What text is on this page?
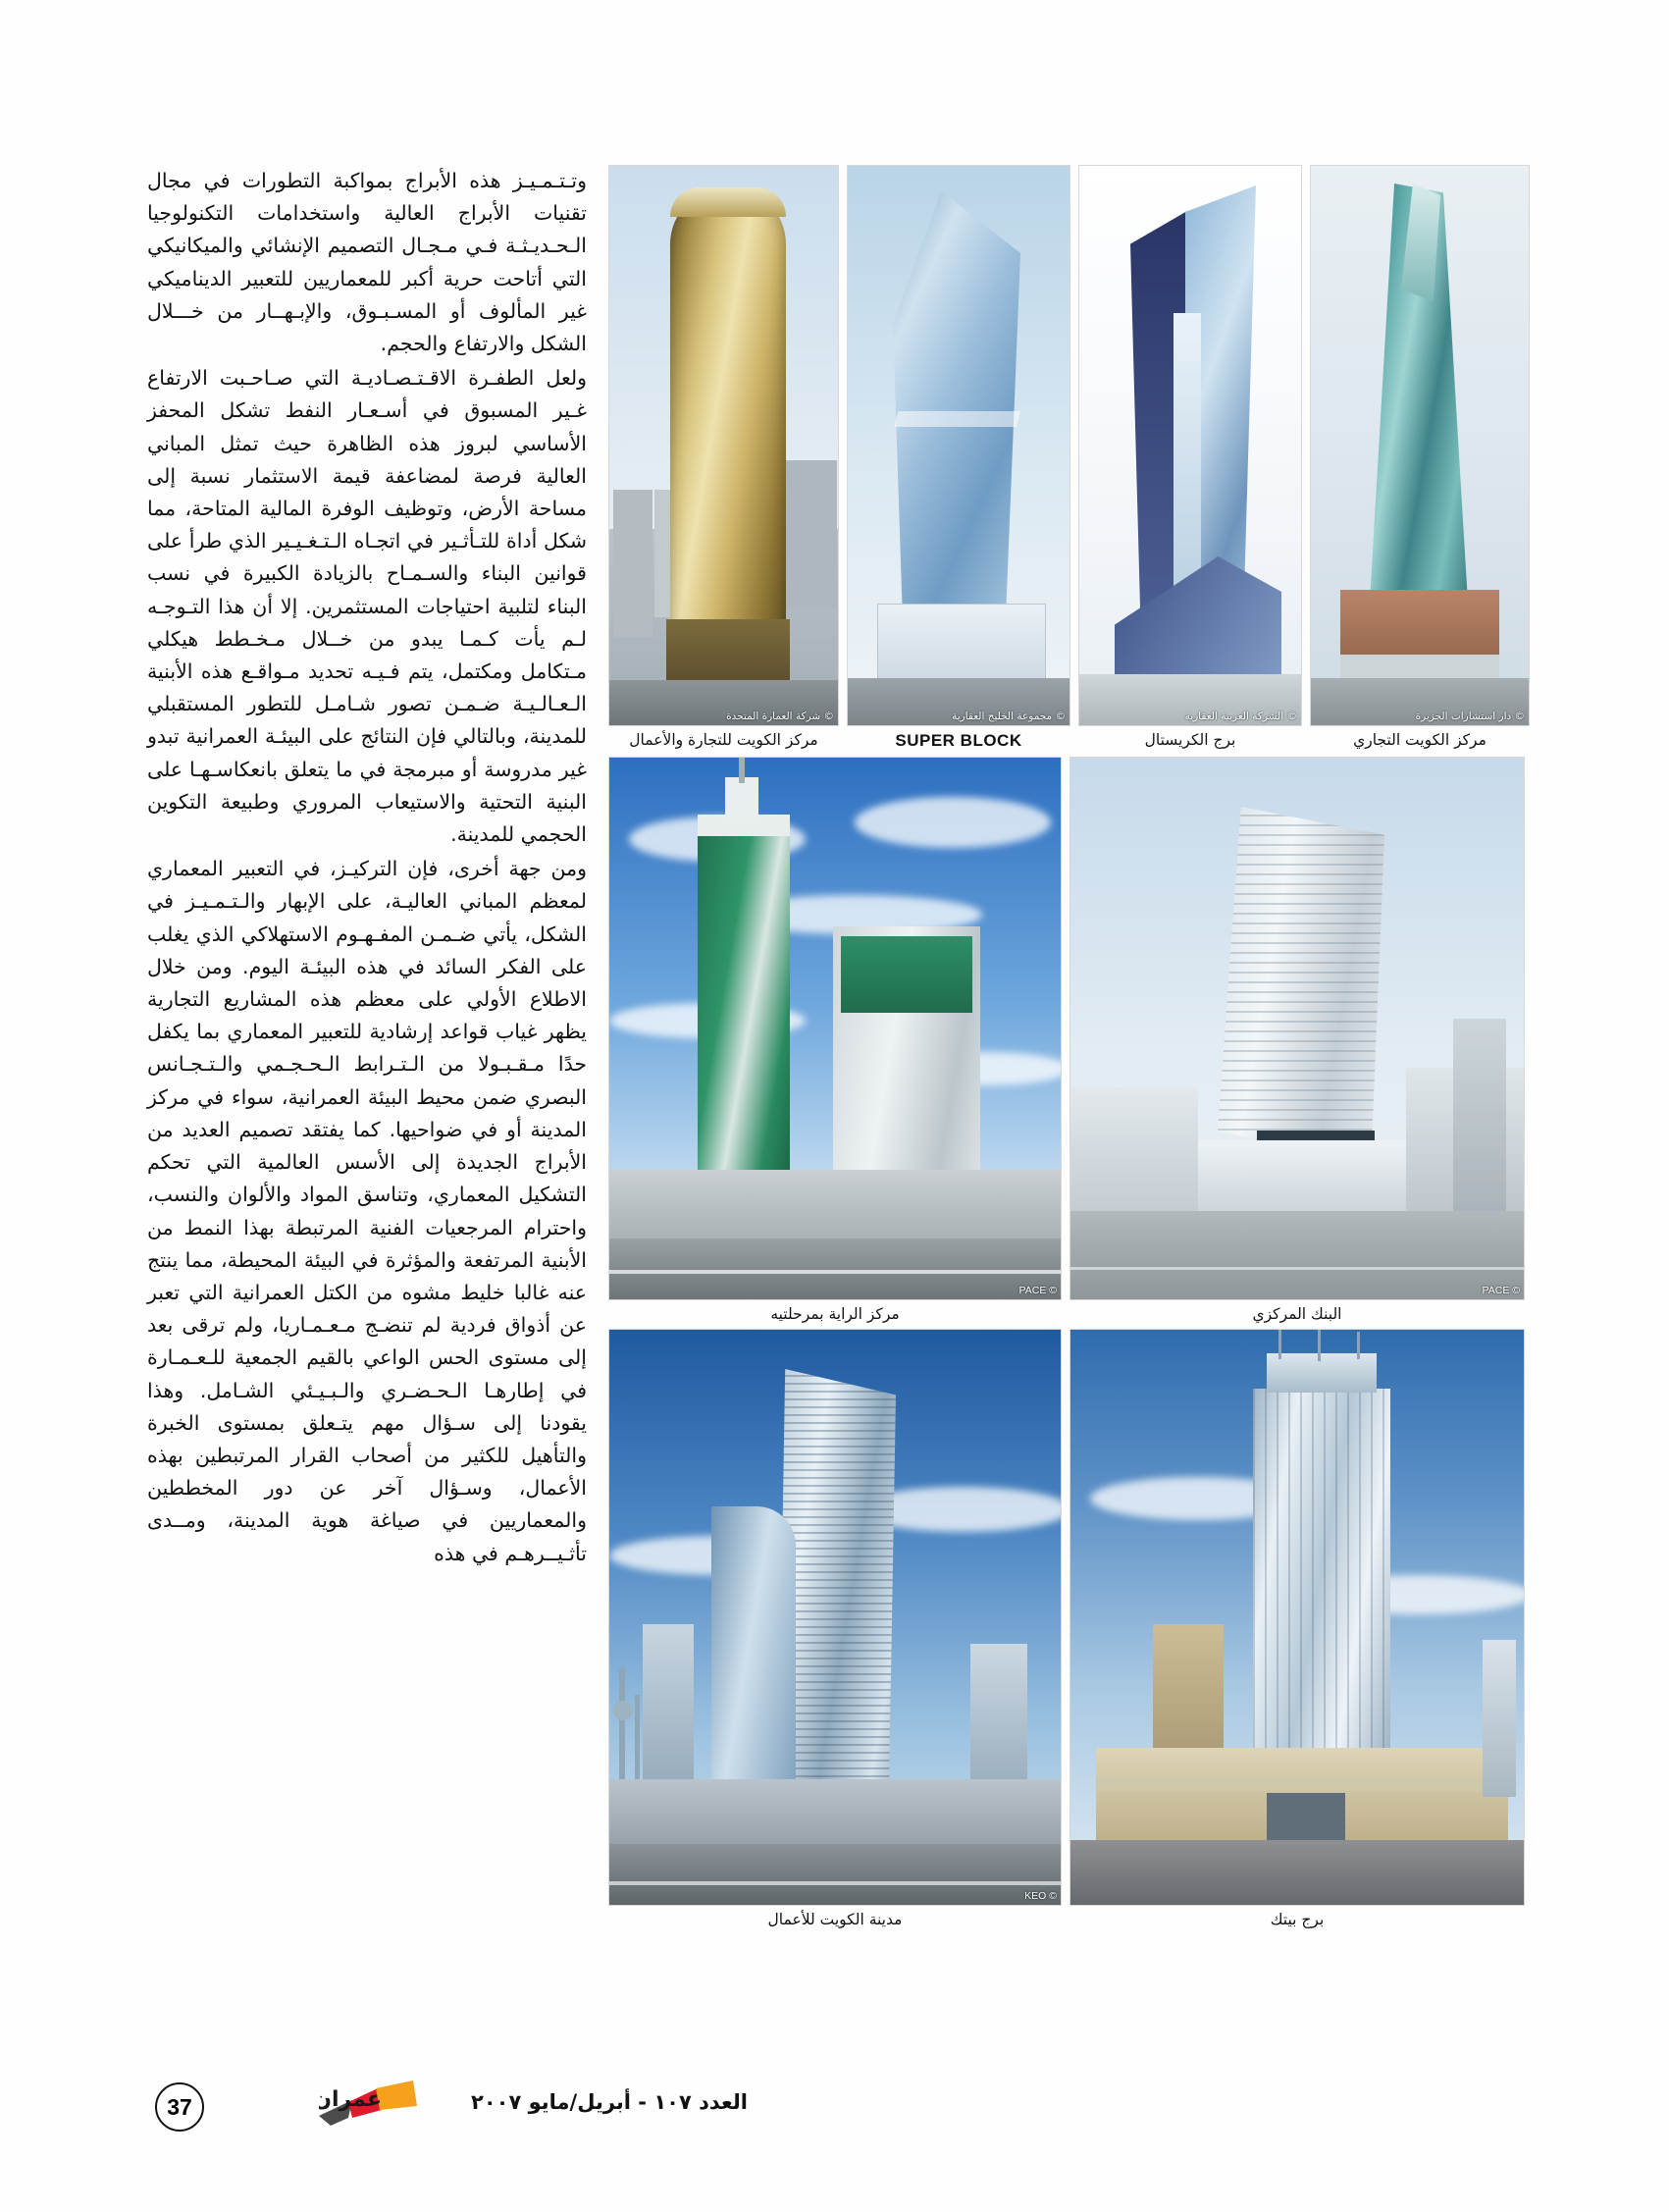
وتـتـمـيـز هذه الأبراج بمواكبة التطورات في مجال تقنيات الأبراج العالية واستخدامات التكنولوجيا الـحـديـثـة فـي مـجـال التصميم الإنشائي والميكانيكي التي أتاحت حرية أكبر للمعماريين للتعبير الديناميكي غير المألوف أو المسـبـوق، والإبـهــار من خـــلال الشكل والارتفاع والحجم.

ولعل الطفـرة الاقـتـصـاديـة التي صـاحـبت الارتفاع غـير المسبوق في أسـعـار النفط تشكل المحفز الأساسي لبروز هذه الظاهرة حيث تمثل المباني العالية فرصة لمضاعفة قيمة الاستثمار نسبة إلى مساحة الأرض، وتوظيف الوفرة المالية المتاحة، مما شكل أداة للتـأثـير في اتجـاه الـتـغـيـير الذي طرأ على قوانين البناء والسـمـاح بالزيادة الكبيرة في نسب البناء لتلبية احتياجات المستثمرين. إلا أن هذا التـوجـه لـم يأت كـمـا يبدو من خــلال مـخـطط هيكلي مـتكامل ومكتمل، يتم فـيـه تحديد مـواقـع هذه الأبنية الـعـالـيـة ضـمـن تصور شـامـل للتطور المستقبلي للمدينة، وبالتالي فإن النتائج على البيئـة العمرانية تبدو غير مدروسة أو مبرمجة في ما يتعلق بانعكاسـهـا على البنية التحتية والاستيعاب المروري وطبيعة التكوين الحجمي للمدينة.

ومن جهة أخرى، فإن التركيـز، في التعبير المعماري لمعظم المباني العاليـة، على الإبهار والـتـمـيـز في الشكل، يأتي ضـمـن المفـهـوم الاستهلاكي الذي يغلب على الفكر السائد في هذه البيئـة اليوم. ومن خلال الاطلاع الأولي على معظم هذه المشاريع التجارية يظهر غياب قواعد إرشادية للتعبير المعماري بما يكفل حدًا مـقـبـولا من الـتـرابط الـحـجـمي والـتـجـانس البصري ضمن محيط البيئة العمرانية، سواء في مركز المدينة أو في ضواحيها. كما يفتقد تصميم العديد من الأبراج الجديدة إلى الأسس العالمية التي تحكم التشكيل المعماري، وتناسق المواد والألوان والنسب، واحترام المرجعيات الفنية المرتبطة بهذا النمط من الأبنية المرتفعة والمؤثرة في البيئة المحيطة، مما ينتج عنه غالبا خليط مشوه من الكتل العمرانية التي تعبر عن أذواق فردية لم تنضـج مـعـمـاريا، ولم ترقى بعد إلى مستوى الحس الواعي بالقيم الجمعية للـعـمـارة في إطارهـا الـحـضـري والـبـيـئي الشـامل. وهذا يقودنا إلى سـؤال مهم يتـعلق بمستوى الخبرة والتأهيل للكثير من أصحاب القرار المرتبطين بهذه الأعمال، وسـؤال آخر عن دور المخططين والمعماريين في صياغة هوية المدينة، ومــدى تأثـيــرهـم في هذه

© شركة العمارة المتحدة
مركز الكويت للتجارة والأعمال
© مجموعة الخليج العقارية
SUPER BLOCK
© الشركة العربية العقارية
برج الكريستال
© دار استشارات الجزيرة
مركز الكويت التجاري
© PACE
مركز الراية بمرحلتيه
© PACE
البنك المركزي
© KEO
مدينة الكويت للأعمال	برج بيتك
37	عمران	العدد ١٠٧ - أبريل/مايو ٢٠٠٧
